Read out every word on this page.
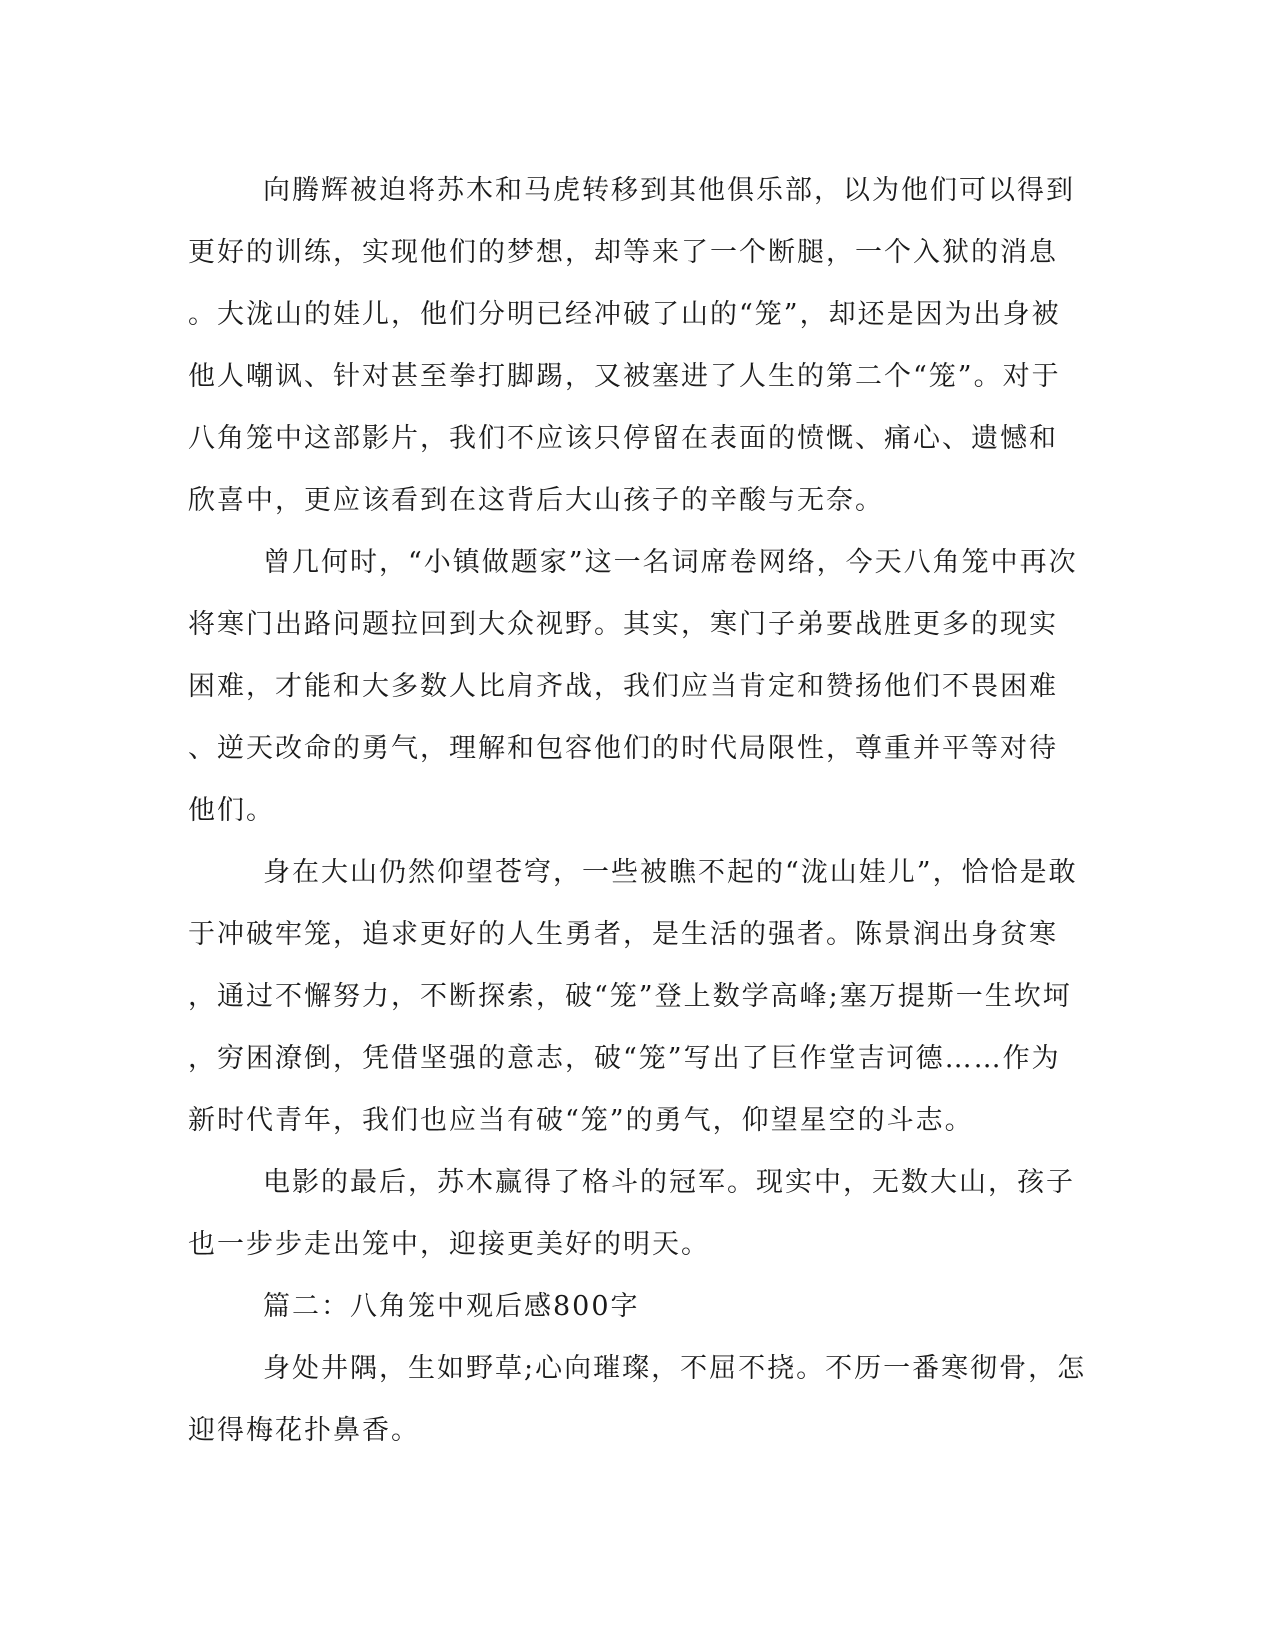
向腾辉被迫将苏木和马虎转移到其他俱乐部，以为他们可以得到
更好的训练，实现他们的梦想，却等来了一个断腿，一个入狱的消息
。大泷山的娃儿，他们分明已经冲破了山的“笼”，却还是因为出身被
他人嘲讽、针对甚至拳打脚踢，又被塞进了人生的第二个“笼”。对于
八角笼中这部影片，我们不应该只停留在表面的愤慨、痛心、遗憾和
欣喜中，更应该看到在这背后大山孩子的辛酸与无奈。
曾几何时，“小镇做题家”这一名词席卷网络，今天八角笼中再次
将寒门出路问题拉回到大众视野。其实，寒门子弟要战胜更多的现实
困难，才能和大多数人比肩齐战，我们应当肯定和赞扬他们不畏困难
、逆天改命的勇气，理解和包容他们的时代局限性，尊重并平等对待
他们。
身在大山仍然仰望苍穹，一些被瞧不起的“泷山娃儿”，恰恰是敢
于冲破牢笼，追求更好的人生勇者，是生活的强者。陈景润出身贫寒
，通过不懈努力，不断探索，破“笼”登上数学高峰;塞万提斯一生坎坷
，穷困潦倒，凭借坚强的意志，破“笼”写出了巨作堂吉诃德……作为
新时代青年，我们也应当有破“笼”的勇气，仰望星空的斗志。
电影的最后，苏木赢得了格斗的冠军。现实中，无数大山，孩子
也一步步走出笼中，迎接更美好的明天。
篇二：八角笼中观后感800字
身处井隅，生如野草;心向璀璨，不屈不挠。不历一番寒彻骨，怎
迎得梅花扑鼻香。
